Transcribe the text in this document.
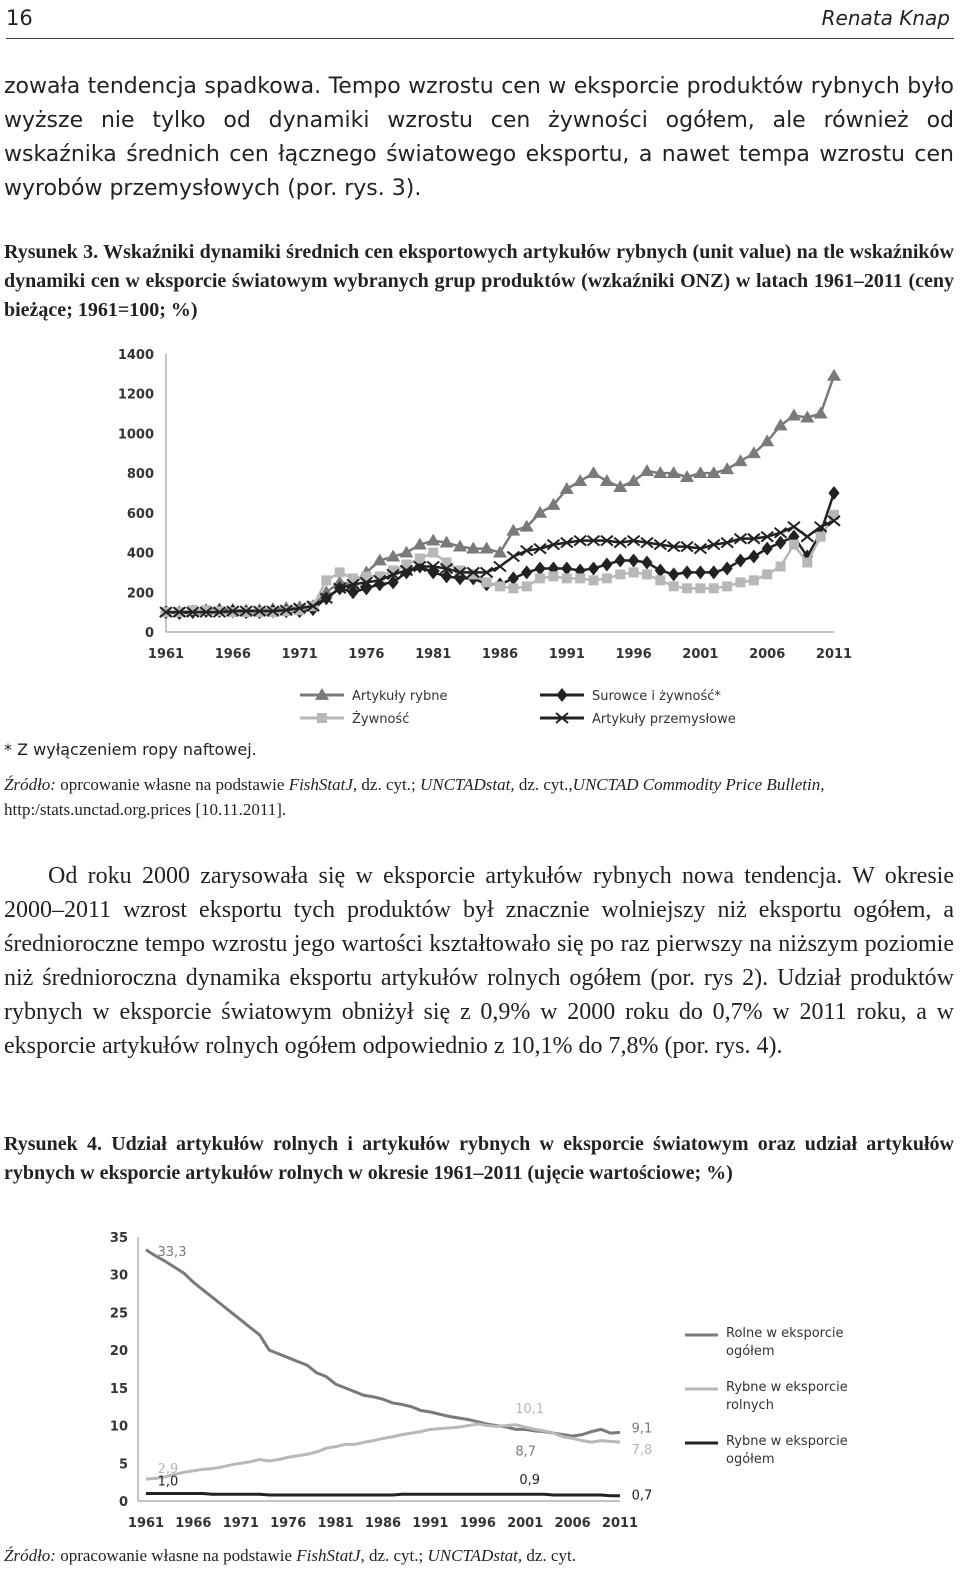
16	Renata Knap

zowała tendencja spadkowa. Tempo wzrostu cen w eksporcie produktów rybnych było wyższe nie tylko od dynamiki wzrostu cen żywności ogółem, ale również od wskaźnika średnich cen łącznego światowego eksportu, a nawet tempa wzrostu cen wyrobów przemysłowych (por. rys. 3).

Rysunek 3. Wskaźniki dynamiki średnich cen eksportowych artykułów rybnych (unit value) na tle wskaźników dynamiki cen w eksporcie światowym wybranych grup produktów (wzkaźniki ONZ) w latach 1961–2011 (ceny bieżące; 1961=100; %)

0
200
400
600
800
1000
1200
1400
1961 1966 1971 1976 1981 1986 1991 1996 2001 2006 2011
Artykuły rybne	Surowce i żywność*
Żywność	Artykuły przemysłowe

* Z wyłączeniem ropy naftowej.

Źródło: oprcowanie własne na podstawie FishStatJ, dz. cyt.; UNCTADstat, dz. cyt.,UNCTAD Commodity Price Bulletin, http:/stats.unctad.org.prices [10.11.2011].

Od roku 2000 zarysowała się w eksporcie artykułów rybnych nowa tendencja. W okresie 2000–2011 wzrost eksportu tych produktów był znacznie wolniejszy niż eksportu ogółem, a średnioroczne tempo wzrostu jego wartości kształtowało się po raz pierwszy na niższym poziomie niż średnioroczna dynamika eksportu artykułów rolnych ogółem (por. rys 2). Udział produktów rybnych w eksporcie światowym obniżył się z 0,9% w 2000 roku do 0,7% w 2011 roku, a w eksporcie artykułów rolnych ogółem odpowiednio z 10,1% do 7,8% (por. rys. 4).

Rysunek 4. Udział artykułów rolnych i artykułów rybnych w eksporcie światowym oraz udział artykułów rybnych w eksporcie artykułów rolnych w okresie 1961–2011 (ujęcie wartościowe; %)

0
5
10
15
20
25
30
35
1961 1966 1971 1976 1981 1986 1991 1996 2001 2006 2011
33,3
2,9
1,0
10,1
8,7
0,9
9,1
7,8
0,7
Rolne w eksporcie
ogółem
Rybne w eksporcie
rolnych
Rybne w eksporcie
ogółem

Źródło: opracowanie własne na podstawie FishStatJ, dz. cyt.; UNCTADstat, dz. cyt.
